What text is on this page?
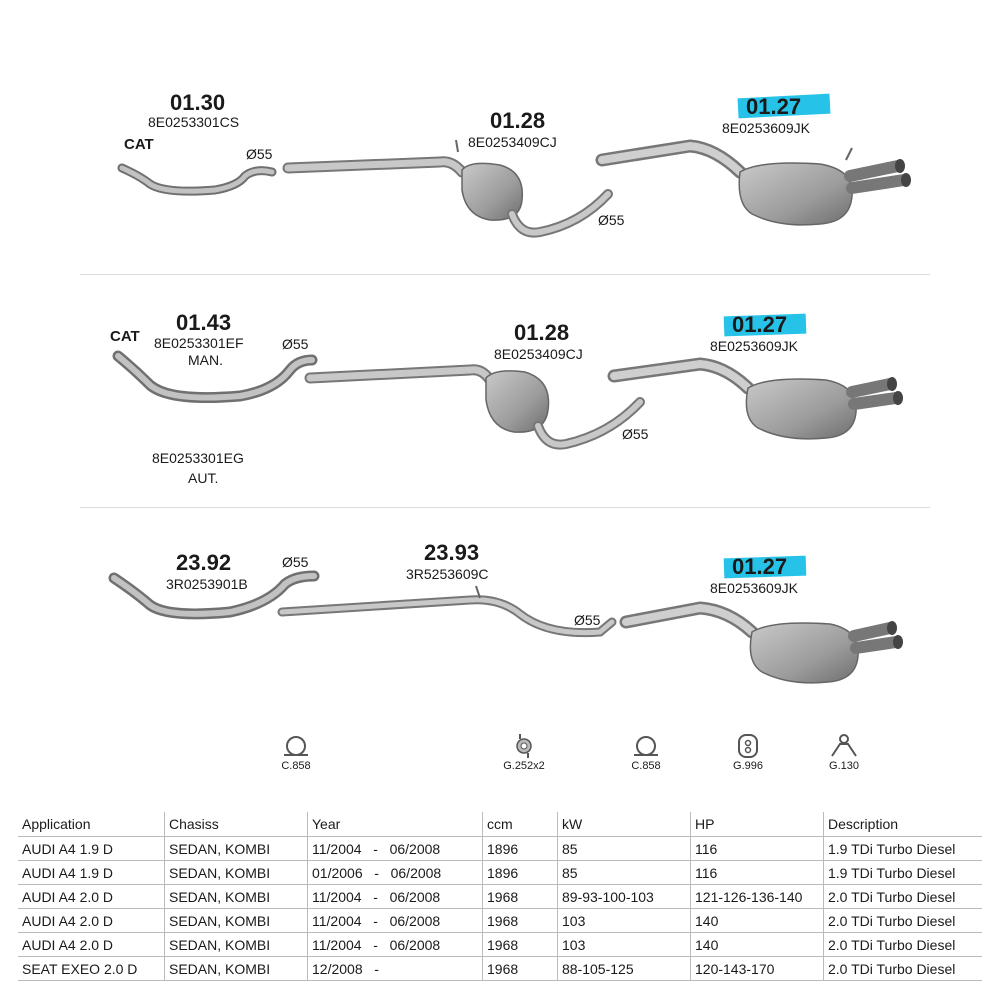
01.30
8E0253301CS
CAT
Ø55
01.28
8E0253409CJ
Ø55
01.27
8E0253609JK
01.43
8E0253301EF
MAN.
CAT	Ø55
8E0253301EG
AUT.
01.28
8E0253409CJ
Ø55
01.27
8E0253609JK
23.92
3R0253901B
Ø55	23.93
3R5253609C
Ø55
01.27
8E0253609JK
C.858	G.252x2	C.858	G.996	G.130
Application	Chasiss	Year	ccm	kW	HP	Description
AUDI A4 1.9 D	SEDAN, KOMBI	11/2004   -   06/2008	1896	85	116	1.9 TDi Turbo Diesel
AUDI A4 1.9 D	SEDAN, KOMBI	01/2006   -   06/2008	1896	85	116	1.9 TDi Turbo Diesel
AUDI A4 2.0 D	SEDAN, KOMBI	11/2004   -   06/2008	1968	89-93-100-103	121-126-136-140	2.0 TDi Turbo Diesel
AUDI A4 2.0 D	SEDAN, KOMBI	11/2004   -   06/2008	1968	103	140	2.0 TDi Turbo Diesel
AUDI A4 2.0 D	SEDAN, KOMBI	11/2004   -   06/2008	1968	103	140	2.0 TDi Turbo Diesel
SEAT EXEO 2.0 D	SEDAN, KOMBI	12/2008   -	1968	88-105-125	120-143-170	2.0 TDi Turbo Diesel
